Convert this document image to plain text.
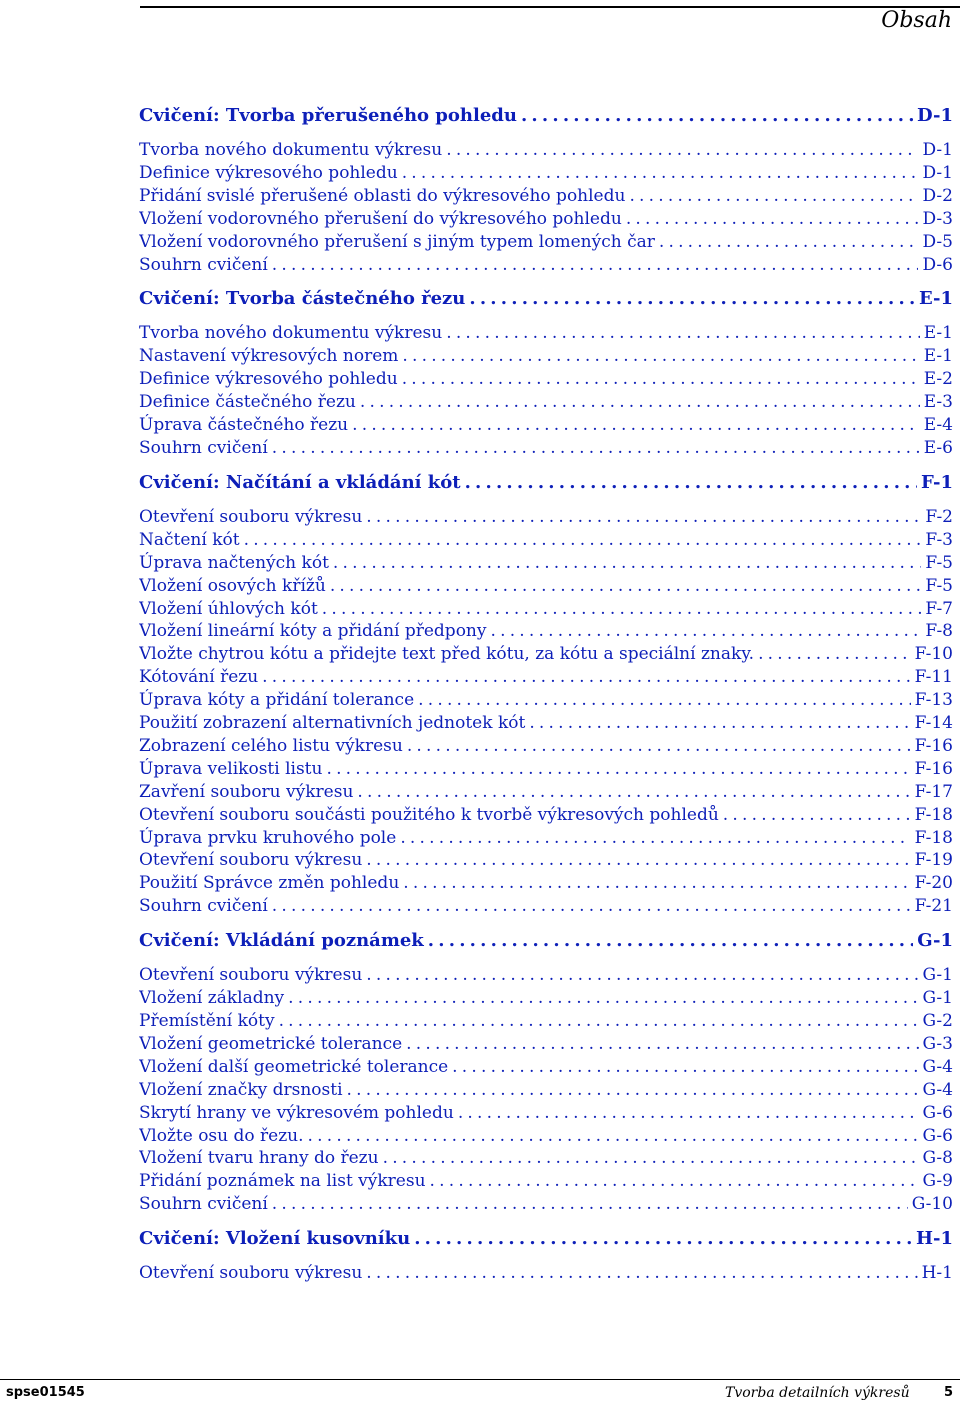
Obsah
Cvičení: Tvorba přerušeného pohledu .....	D-1
Tvorba nového dokumentu výkresu .....	D-1
Definice výkresového pohledu .....	D-1
Přidání svislé přerušené oblasti do výkresového pohledu .....	D-2
Vložení vodorovného přerušení do výkresového pohledu .....	D-3
Vložení vodorovného přerušení s jiným typem lomených čar .....	D-5
Souhrn cvičení .....	D-6
Cvičení: Tvorba částečného řezu .....	E-1
Tvorba nového dokumentu výkresu .....	E-1
Nastavení výkresových norem .....	E-1
Definice výkresového pohledu .....	E-2
Definice částečného řezu .....	E-3
Úprava částečného řezu .....	E-4
Souhrn cvičení .....	E-6
Cvičení: Načítání a vkládání kót .....	F-1
Otevření souboru výkresu .....	F-2
Načtení kót .....	F-3
Úprava načtených kót .....	F-5
Vložení osových křížů .....	F-5
Vložení úhlových kót .....	F-7
Vložení lineární kóty a přidání předpony .....	F-8
Vložte chytrou kótu a přidejte text před kótu, za kótu a speciální znaky. .....	F-10
Kótování řezu .....	F-11
Úprava kóty a přidání tolerance .....	F-13
Použití zobrazení alternativních jednotek kót .....	F-14
Zobrazení celého listu výkresu .....	F-16
Úprava velikosti listu .....	F-16
Zavření souboru výkresu .....	F-17
Otevření souboru součásti použitého k tvorbě výkresových pohledů .....	F-18
Úprava prvku kruhového pole .....	F-18
Otevření souboru výkresu .....	F-19
Použití Správce změn pohledu .....	F-20
Souhrn cvičení .....	F-21
Cvičení: Vkládání poznámek .....	G-1
Otevření souboru výkresu .....	G-1
Vložení základny .....	G-1
Přemístění kóty .....	G-2
Vložení geometrické tolerance .....	G-3
Vložení další geometrické tolerance .....	G-4
Vložení značky drsnosti .....	G-4
Skrytí hrany ve výkresovém pohledu .....	G-6
Vložte osu do řezu. .....	G-6
Vložení tvaru hrany do řezu .....	G-8
Přidání poznámek na list výkresu .....	G-9
Souhrn cvičení .....	G-10
Cvičení: Vložení kusovníku .....	H-1
Otevření souboru výkresu .....	H-1
spse01545	Tvorba detailních výkresů	5
